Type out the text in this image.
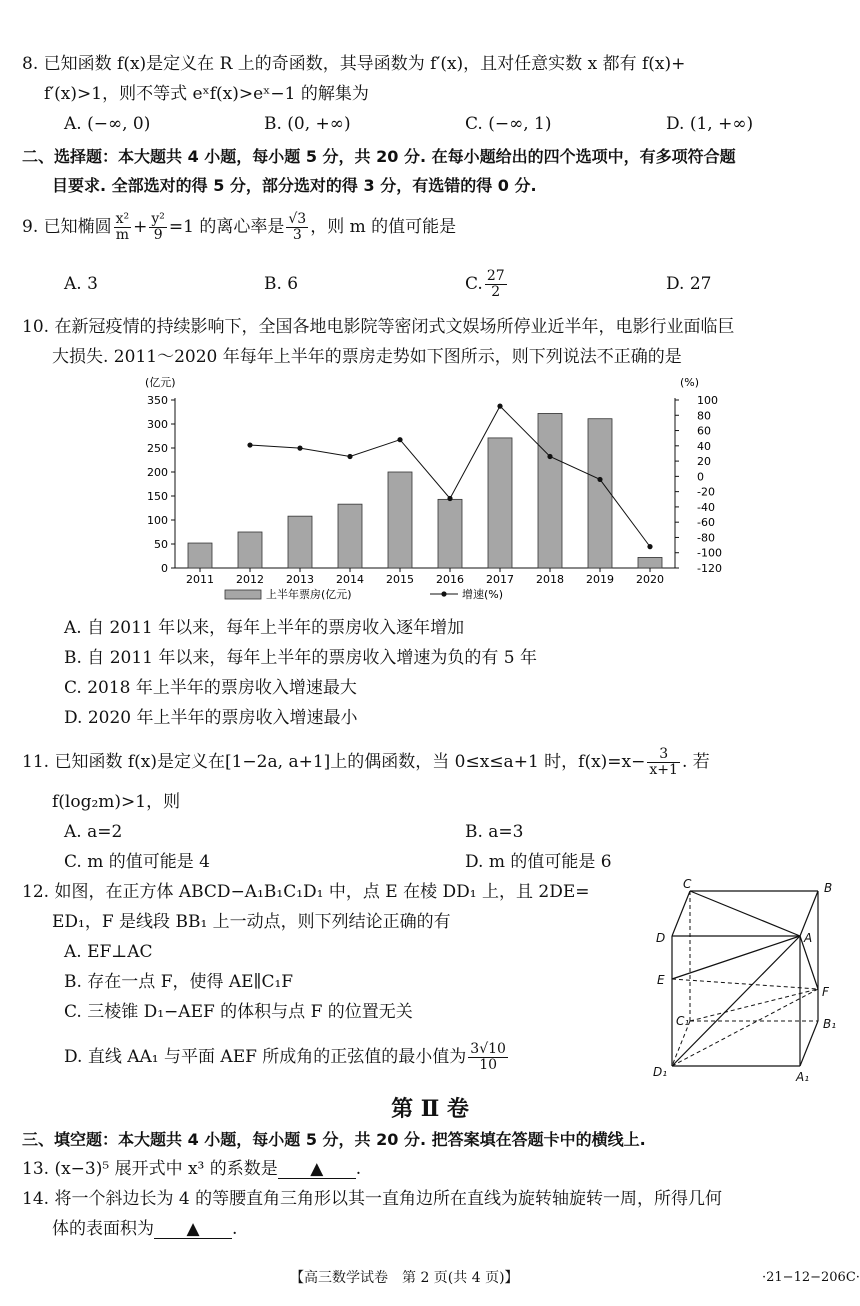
8. 已知函数 f(x)是定义在 R 上的奇函数，其导函数为 f′(x)，且对任意实数 x 都有 f(x)+
f′(x)>1，则不等式 eˣf(x)>eˣ−1 的解集为
A. (−∞, 0)	B. (0, +∞)	C. (−∞, 1)	D. (1, +∞)
二、选择题：本大题共 4 小题，每小题 5 分，共 20 分. 在每小题给出的四个选项中，有多项符合题
目要求. 全部选对的得 5 分，部分选对的得 3 分，有选错的得 0 分.
9. 已知椭圆 $\frac{\text{x²}}{m} + \frac{\text{y²}}{9} =1$ 的离心率是 $\frac{√3}{3}$ ，则 m 的值可能是
A. 3	B. 6	C. $\frac{27}{2}$	D. 27
10. 在新冠疫情的持续影响下，全国各地电影院等密闭式文娱场所停业近半年，电影行业面临巨
大损失. 2011～2020 年每年上半年的票房走势如下图所示，则下列说法不正确的是
(亿元)	(%)
0
50
100
150
200
250
300
350
-120
-100
-80
-60
-40
-20
0
20
40
60
80
100
2011 2012 2013 2014 2015 2016 2017 2018 2019 2020
上半年票房(亿元)	增速(%)
A. 自 2011 年以来，每年上半年的票房收入逐年增加
B. 自 2011 年以来，每年上半年的票房收入增速为负的有 5 年
C. 2018 年上半年的票房收入增速最大
D. 2020 年上半年的票房收入增速最小
11. 已知函数 f(x)是定义在[1−2a, a+1]上的偶函数，当 0≤x≤a+1 时，$f(x)=x- \frac{3}{x+1}$ . 若
f(log₂m)>1，则
A. a=2	B. a=3
C. m 的值可能是 4	D. m 的值可能是 6
12. 如图，在正方体 ABCD−A₁B₁C₁D₁ 中，点 E 在棱 DD₁ 上，且 2DE=
ED₁，F 是线段 BB₁ 上一动点，则下列结论正确的有
A. EF⊥AC
B. 存在一点 F，使得 AE∥C₁F
C. 三棱锥 D₁−AEF 的体积与点 F 的位置无关
D. 直线 AA₁ 与平面 AEF 所成角的正弦值的最小值为 $\frac{3√10}{10}$
C	B
D	A
E
F
C₁	B₁
D₁	A₁
第 Ⅱ 卷
三、填空题：本大题共 4 小题，每小题 5 分，共 20 分. 把答案填在答题卡中的横线上.
13. (x−3)⁵ 展开式中 x³ 的系数是 ▲ .
14. 将一个斜边长为 4 的等腰直角三角形以其一直角边所在直线为旋转轴旋转一周，所得几何
体的表面积为 ▲ .
【高三数学试卷　第 2 页(共 4 页)】	·21−12−206C·
